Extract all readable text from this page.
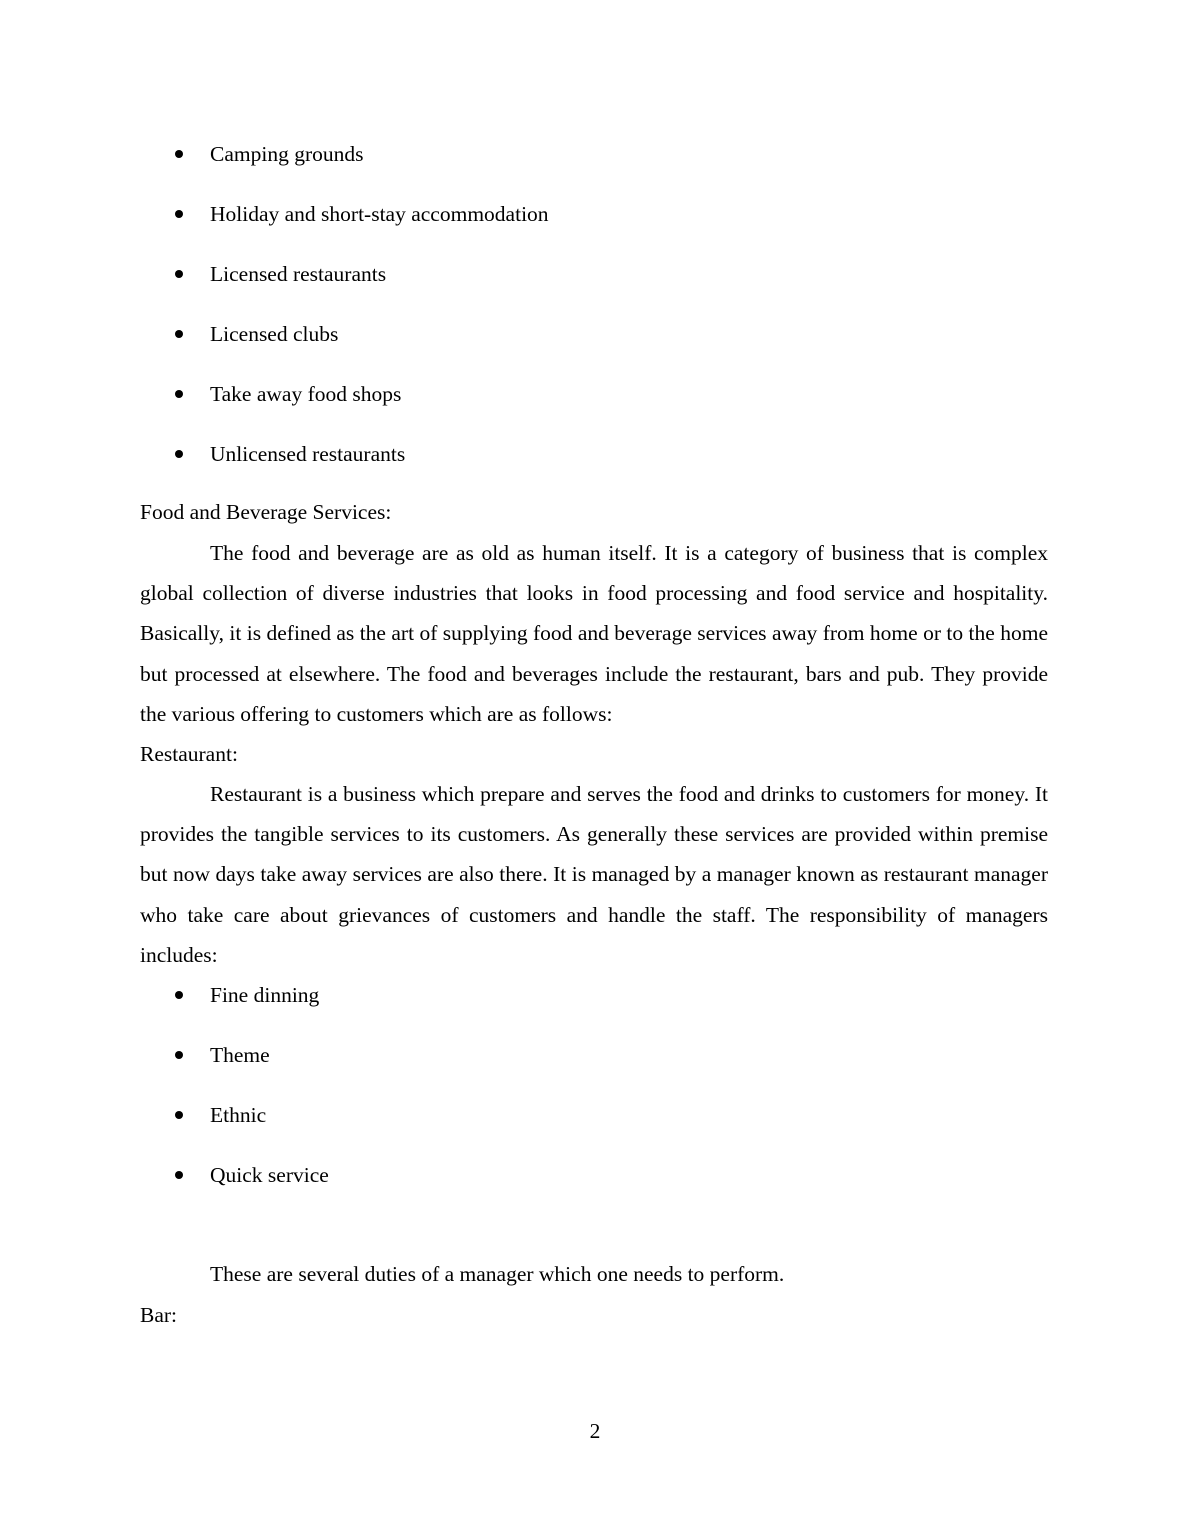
Camping grounds
Holiday and short-stay accommodation
Licensed restaurants
Licensed clubs
Take away food shops
Unlicensed restaurants
Food and Beverage Services:

The food and beverage are as old as human itself. It is a category of business that is complex global collection of diverse industries that looks in food processing and food service and hospitality. Basically, it is defined as the art of supplying food and beverage services away from home or to the home but processed at elsewhere. The food and beverages include the restaurant, bars and pub. They provide the various offering to customers which are as follows:

Restaurant:

Restaurant is a business which prepare and serves the food and drinks to customers for money. It provides the tangible services to its customers. As generally these services are provided within premise but now days take away services are also there. It is managed by a manager known as restaurant manager who take care about grievances of customers and handle the staff. The responsibility of managers includes:

Fine dinning
Theme
Ethnic
Quick service
These are several duties of a manager which one needs to perform.
Bar:
2
